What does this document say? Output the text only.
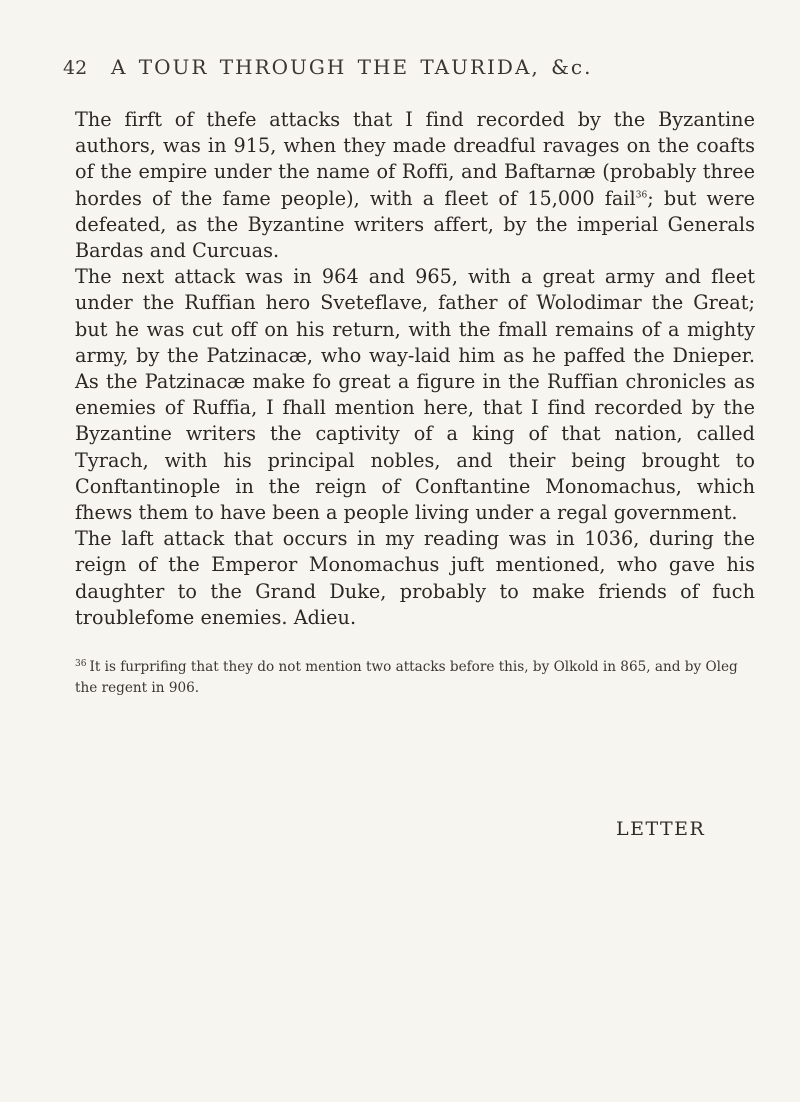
42	A TOUR THROUGH THE TAURIDA, &c.

The firft of thefe attacks that I find recorded by the Byzantine authors, was in 915, when they made dreadful ravages on the coafts of the empire under the name of Roffi, and Baftarnæ (probably three hordes of the fame people), with a fleet of 15,000 fail$^{36}$; but were defeated, as the Byzantine writers affert, by the imperial Generals Bardas and Curcuas.

The next attack was in 964 and 965, with a great army and fleet under the Ruffian hero Sveteflave, father of Wolodimar the Great; but he was cut off on his return, with the fmall remains of a mighty army, by the Patzinacæ, who way-laid him as he paffed the Dnieper. As the Patzinacæ make fo great a figure in the Ruffian chronicles as enemies of Ruffia, I fhall mention here, that I find recorded by the Byzantine writers the captivity of a king of that nation, called Tyrach, with his principal nobles, and their being brought to Conftantinople in the reign of Conftantine Monomachus, which fhews them to have been a people living under a regal government.

The laft attack that occurs in my reading was in 1036, during the reign of the Emperor Monomachus juft mentioned, who gave his daughter to the Grand Duke, probably to make friends of fuch troublefome enemies. Adieu.

$^{36}$ It is furprifing that they do not mention two attacks before this, by Olkold in 865, and by Oleg the regent in 906.
LETTER
